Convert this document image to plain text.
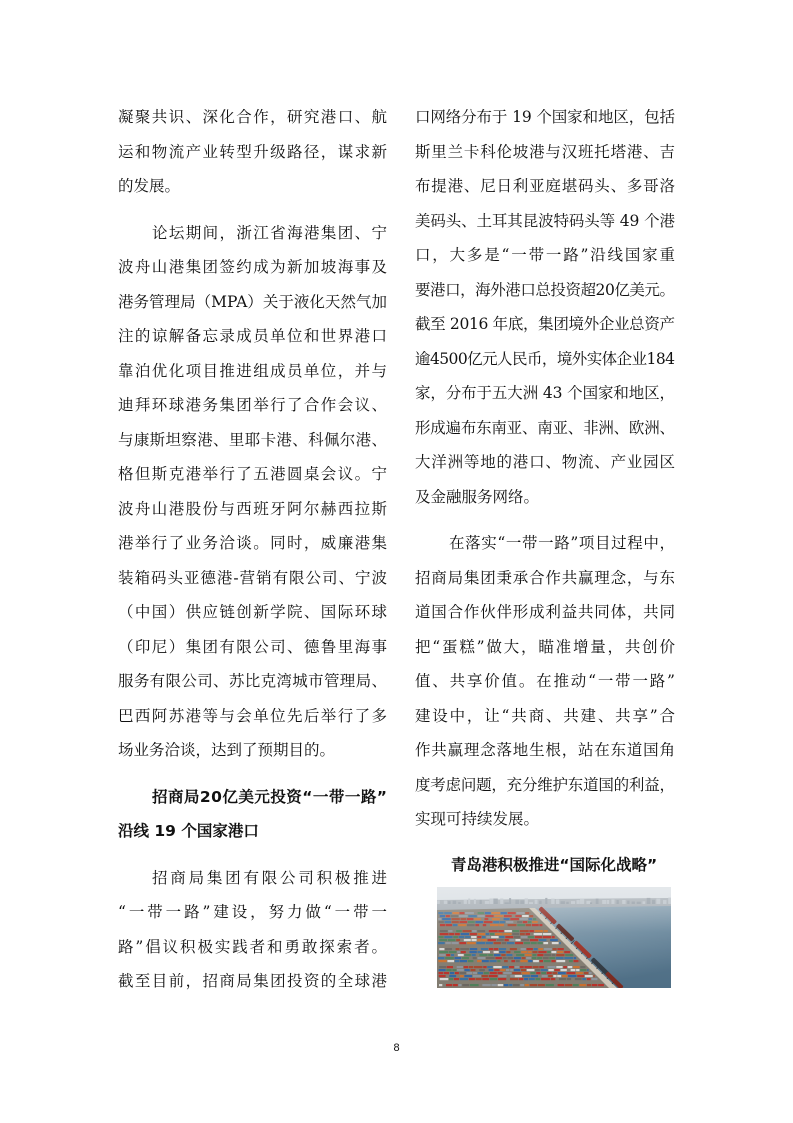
凝聚共识、深化合作，研究港口、航
运和物流产业转型升级路径，谋求新
的发展。
论坛期间，浙江省海港集团、宁
波舟山港集团签约成为新加坡海事及
港务管理局（MPA）关于液化天然气加
注的谅解备忘录成员单位和世界港口
靠泊优化项目推进组成员单位，并与
迪拜环球港务集团举行了合作会议、
与康斯坦察港、里耶卡港、科佩尔港、
格但斯克港举行了五港圆桌会议。宁
波舟山港股份与西班牙阿尔赫西拉斯
港举行了业务洽谈。同时，威廉港集
装箱码头亚德港-营销有限公司、宁波
（中国）供应链创新学院、国际环球
（印尼）集团有限公司、德鲁里海事
服务有限公司、苏比克湾城市管理局、
巴西阿苏港等与会单位先后举行了多
场业务洽谈，达到了预期目的。
招商局20亿美元投资“一带一路”
沿线 19 个国家港口
招商局集团有限公司积极推进
“一带一路”建设，努力做“一带一
路”倡议积极实践者和勇敢探索者。
截至目前，招商局集团投资的全球港
口网络分布于 19 个国家和地区，包括
斯里兰卡科伦坡港与汉班托塔港、吉
布提港、尼日利亚庭堪码头、多哥洛
美码头、土耳其昆波特码头等 49 个港
口，大多是“一带一路”沿线国家重
要港口，海外港口总投资超20亿美元。
截至 2016 年底，集团境外企业总资产
逾4500亿元人民币，境外实体企业184
家，分布于五大洲 43 个国家和地区，
形成遍布东南亚、南亚、非洲、欧洲、
大洋洲等地的港口、物流、产业园区
及金融服务网络。
在落实“一带一路”项目过程中，
招商局集团秉承合作共赢理念，与东
道国合作伙伴形成利益共同体，共同
把“蛋糕”做大，瞄准增量，共创价
值、共享价值。在推动“一带一路”
建设中，让“共商、共建、共享”合
作共赢理念落地生根，站在东道国角
度考虑问题，充分维护东道国的利益，
实现可持续发展。
青岛港积极推进“国际化战略”
8
